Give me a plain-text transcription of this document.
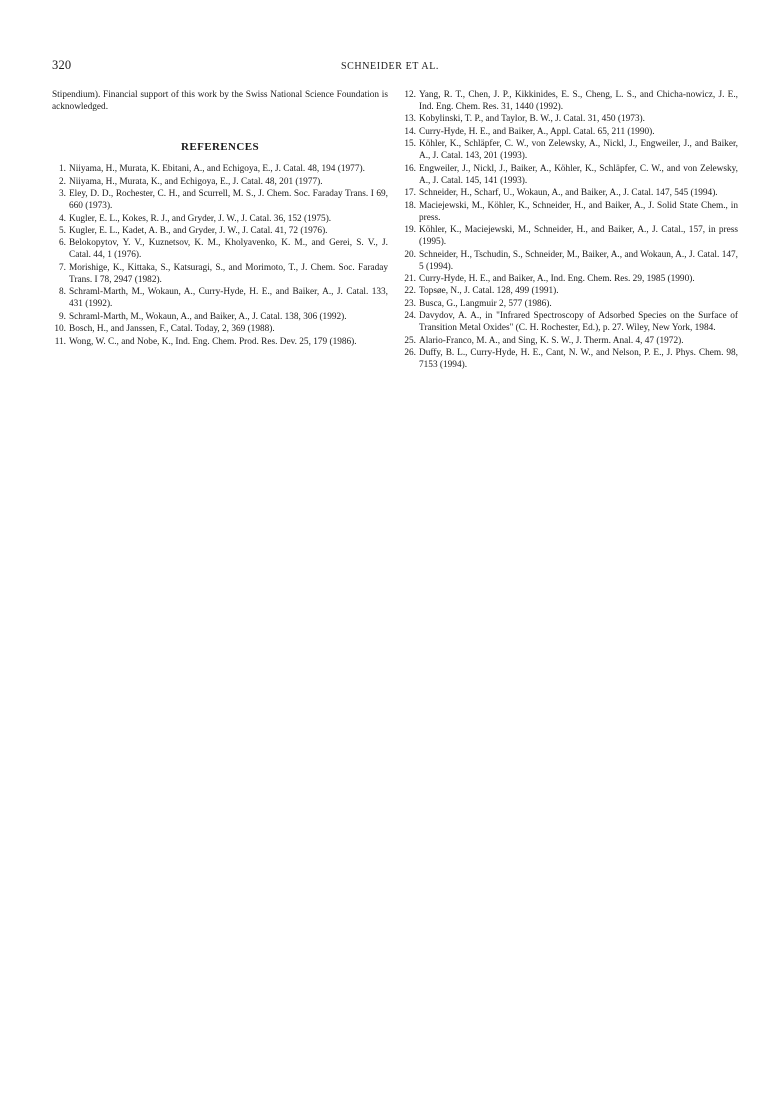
320	SCHNEIDER ET AL.

Stipendium). Financial support of this work by the Swiss National Science Foundation is acknowledged.

REFERENCES
1. Niiyama, H., Murata, K. Ebitani, A., and Echigoya, E., J. Catal. 48, 194 (1977).
2. Niiyama, H., Murata, K., and Echigoya, E., J. Catal. 48, 201 (1977).
3. Eley, D. D., Rochester, C. H., and Scurrell, M. S., J. Chem. Soc. Faraday Trans. I 69, 660 (1973).
4. Kugler, E. L., Kokes, R. J., and Gryder, J. W., J. Catal. 36, 152 (1975).
5. Kugler, E. L., Kadet, A. B., and Gryder, J. W., J. Catal. 41, 72 (1976).
6. Belokopytov, Y. V., Kuznetsov, K. M., Kholyavenko, K. M., and Gerei, S. V., J. Catal. 44, 1 (1976).
7. Morishige, K., Kittaka, S., Katsuragi, S., and Morimoto, T., J. Chem. Soc. Faraday Trans. I 78, 2947 (1982).
8. Schraml-Marth, M., Wokaun, A., Curry-Hyde, H. E., and Baiker, A., J. Catal. 133, 431 (1992).
9. Schraml-Marth, M., Wokaun, A., and Baiker, A., J. Catal. 138, 306 (1992).
10. Bosch, H., and Janssen, F., Catal. Today, 2, 369 (1988).
11. Wong, W. C., and Nobe, K., Ind. Eng. Chem. Prod. Res. Dev. 25, 179 (1986).
12. Yang, R. T., Chen, J. P., Kikkinides, E. S., Cheng, L. S., and Chicha-nowicz, J. E., Ind. Eng. Chem. Res. 31, 1440 (1992).
13. Kobylinski, T. P., and Taylor, B. W., J. Catal. 31, 450 (1973).
14. Curry-Hyde, H. E., and Baiker, A., Appl. Catal. 65, 211 (1990).
15. Köhler, K., Schläpfer, C. W., von Zelewsky, A., Nickl, J., Engweiler, J., and Baiker, A., J. Catal. 143, 201 (1993).
16. Engweiler, J., Nickl, J., Baiker, A., Köhler, K., Schläpfer, C. W., and von Zelewsky, A., J. Catal. 145, 141 (1993).
17. Schneider, H., Scharf, U., Wokaun, A., and Baiker, A., J. Catal. 147, 545 (1994).
18. Maciejewski, M., Köhler, K., Schneider, H., and Baiker, A., J. Solid State Chem., in press.
19. Köhler, K., Maciejewski, M., Schneider, H., and Baiker, A., J. Catal., 157, in press (1995).
20. Schneider, H., Tschudin, S., Schneider, M., Baiker, A., and Wokaun, A., J. Catal. 147, 5 (1994).
21. Curry-Hyde, H. E., and Baiker, A., Ind. Eng. Chem. Res. 29, 1985 (1990).
22. Topsøe, N., J. Catal. 128, 499 (1991).
23. Busca, G., Langmuir 2, 577 (1986).
24. Davydov, A. A., in "Infrared Spectroscopy of Adsorbed Species on the Surface of Transition Metal Oxides" (C. H. Rochester, Ed.), p. 27. Wiley, New York, 1984.
25. Alario-Franco, M. A., and Sing, K. S. W., J. Therm. Anal. 4, 47 (1972).
26. Duffy, B. L., Curry-Hyde, H. E., Cant, N. W., and Nelson, P. E., J. Phys. Chem. 98, 7153 (1994).
